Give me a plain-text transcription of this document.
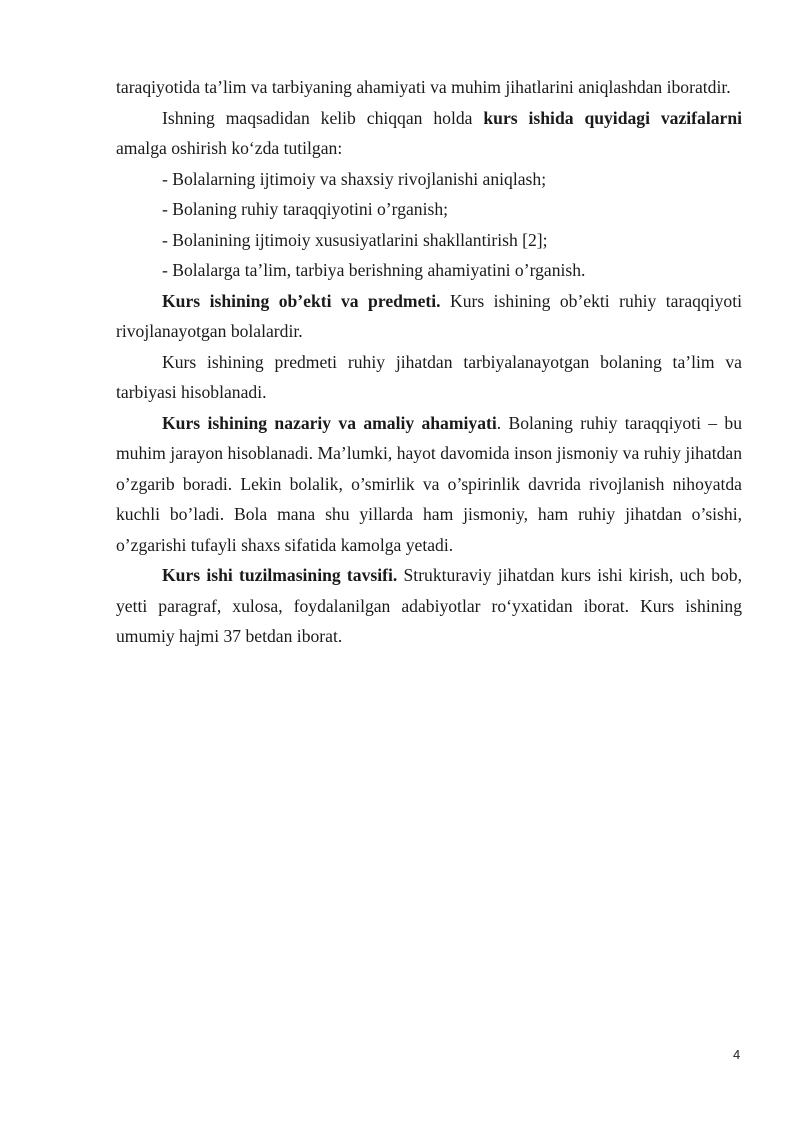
taraqiyotida ta’lim va tarbiyaning ahamiyati va muhim jihatlarini aniqlashdan iboratdir.

Ishning maqsadidan kelib chiqqan holda kurs ishida quyidagi vazifalarni amalga oshirish ko‘zda tutilgan:

- Bolalarning ijtimoiy va shaxsiy rivojlanishi aniqlash;

- Bolaning ruhiy taraqqiyotini o’rganish;

- Bolanining ijtimoiy xususiyatlarini shakllantirish [2];

- Bolalarga ta’lim, tarbiya berishning ahamiyatini o’rganish.

Kurs ishining ob’ekti va predmeti. Kurs ishining ob’ekti ruhiy taraqqiyoti rivojlanayotgan bolalardir.

Kurs ishining predmeti ruhiy jihatdan tarbiyalanayotgan bolaning ta’lim va tarbiyasi hisoblanadi.

Kurs ishining nazariy va amaliy ahamiyati. Bolaning ruhiy taraqqiyoti – bu muhim jarayon hisoblanadi. Ma’lumki, hayot davomida inson jismoniy va ruhiy jihatdan o’zgarib boradi. Lekin bolalik, o’smirlik va o’spirinlik davrida rivojlanish nihoyatda kuchli bo’ladi. Bola mana shu yillarda ham jismoniy, ham ruhiy jihatdan o’sishi, o’zgarishi tufayli shaxs sifatida kamolga yetadi.

Kurs ishi tuzilmasining tavsifi. Strukturaviy jihatdan kurs ishi kirish, uch bob, yetti paragraf, xulosa, foydalanilgan adabiyotlar ro‘yxatidan iborat. Kurs ishining umumiy hajmi 37 betdan iborat.

4
